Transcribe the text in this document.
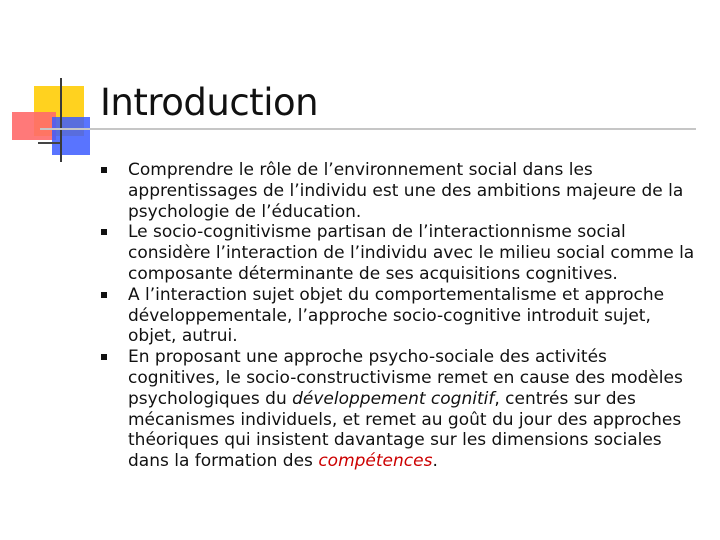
Introduction
Comprendre le rôle de l’environnement social dans les apprentissages de l’individu est une des ambitions majeure de la psychologie de l’éducation.
Le socio-cognitivisme partisan de l’interactionnisme social considère l’interaction de l’individu avec le milieu social comme la composante déterminante de ses acquisitions cognitives.
A l’interaction sujet objet du comportementalisme et approche développementale, l’approche socio-cognitive introduit sujet, objet, autrui.
En proposant une approche psycho-sociale des activités cognitives, le socio-constructivisme remet en cause des modèles psychologiques du développement cognitif, centrés sur des mécanismes individuels, et remet au goût du jour des approches théoriques qui insistent davantage sur les dimensions sociales dans la formation des compétences.
